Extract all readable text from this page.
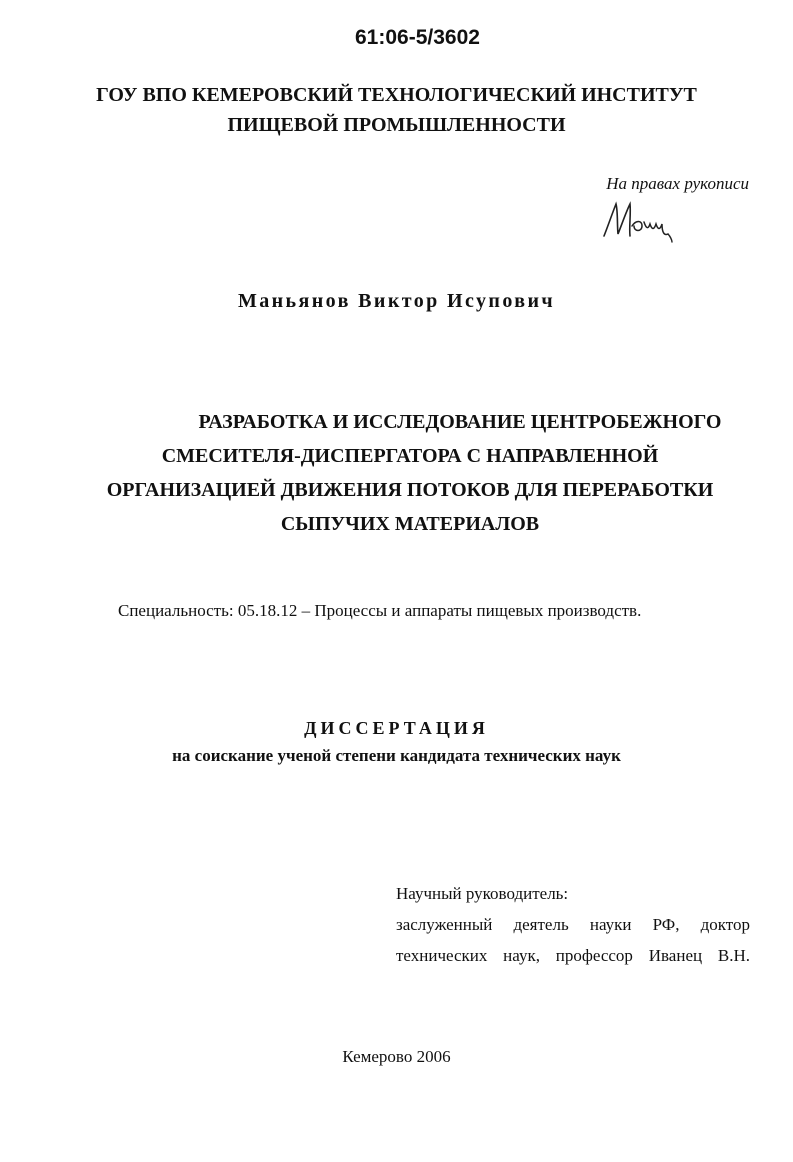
61:06-5/3602
ГОУ ВПО КЕМЕРОВСКИЙ ТЕХНОЛОГИЧЕСКИЙ ИНСТИТУТ
ПИЩЕВОЙ ПРОМЫШЛЕННОСТИ
На правах рукописи
Маньянов Виктор Исупович
РАЗРАБОТКА И ИССЛЕДОВАНИЕ ЦЕНТРОБЕЖНОГО
СМЕСИТЕЛЯ-ДИСПЕРГАТОРА С НАПРАВЛЕННОЙ
ОРГАНИЗАЦИЕЙ ДВИЖЕНИЯ ПОТОКОВ ДЛЯ ПЕРЕРАБОТКИ
СЫПУЧИХ МАТЕРИАЛОВ
Специальность: 05.18.12 – Процессы и аппараты пищевых производств.
ДИССЕРТАЦИЯ
на соискание ученой степени кандидата технических наук
Научный руководитель:
заслуженный деятель науки РФ, доктор
технических наук, профессор Иванец В.Н.
Кемерово 2006
